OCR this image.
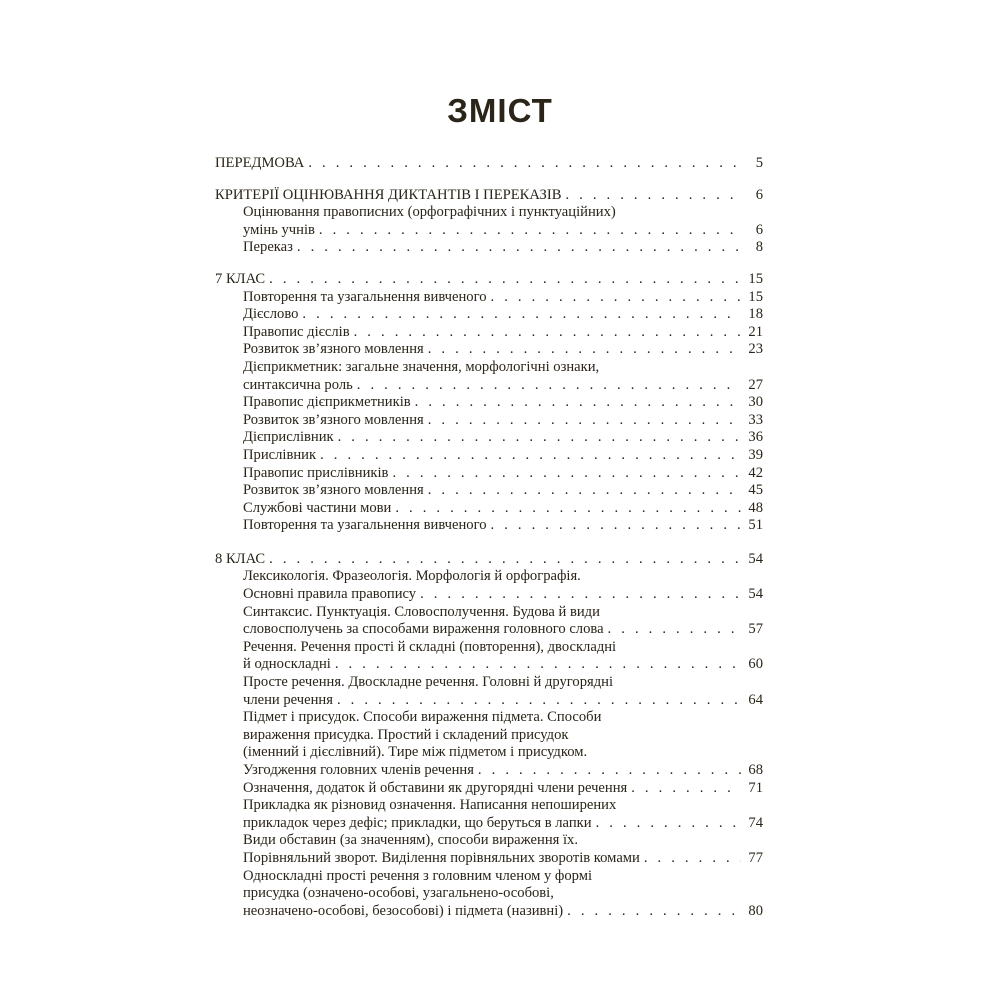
ЗМІСТ
ПЕРЕДМОВА . . .	5
КРИТЕРІЇ ОЦІНЮВАННЯ ДИКТАНТІВ І ПЕРЕКАЗІВ . . .	6
Оцінювання правописних (орфографічних і пунктуаційних)
умінь учнів . . .	6
Переказ . . .	8
7 КЛАС . . .	15
Повторення та узагальнення вивченого . . .	15
Дієслово . . .	18
Правопис дієслів . . .	21
Розвиток зв’язного мовлення . . .	23
Дієприкметник: загальне значення, морфологічні ознаки,
синтаксична роль . . .	27
Правопис дієприкметників . . .	30
Розвиток зв’язного мовлення . . .	33
Дієприслівник . . .	36
Прислівник . . .	39
Правопис прислівників . . .	42
Розвиток зв’язного мовлення . . .	45
Службові частини мови . . .	48
Повторення та узагальнення вивченого . . .	51
8 КЛАС . . .	54
Лексикологія. Фразеологія. Морфологія й орфографія.
Основні правила правопису . . .	54
Синтаксис. Пунктуація. Словосполучення. Будова й види
словосполучень за способами вираження головного слова . . .	57
Речення. Речення прості й складні (повторення), двоскладні
й односкладні . . .	60
Просте речення. Двоскладне речення. Головні й другорядні
члени речення . . .	64
Підмет і присудок. Способи вираження підмета. Способи
вираження присудка. Простий і складений присудок
(іменний і дієслівний). Тире між підметом і присудком.
Узгодження головних членів речення . . .	68
Означення, додаток й обставини як другорядні члени речення . . .	71
Прикладка як різновид означення. Написання непоширених
прикладок через дефіс; прикладки, що беруться в лапки . . .	74
Види обставин (за значенням), способи вираження їх.
Порівняльний зворот. Виділення порівняльних зворотів комами . . .	77
Односкладні прості речення з головним членом у формі
присудка (означено-особові, узагальнено-особові,
неозначено-особові, безособові) і підмета (називні) . . .	80
